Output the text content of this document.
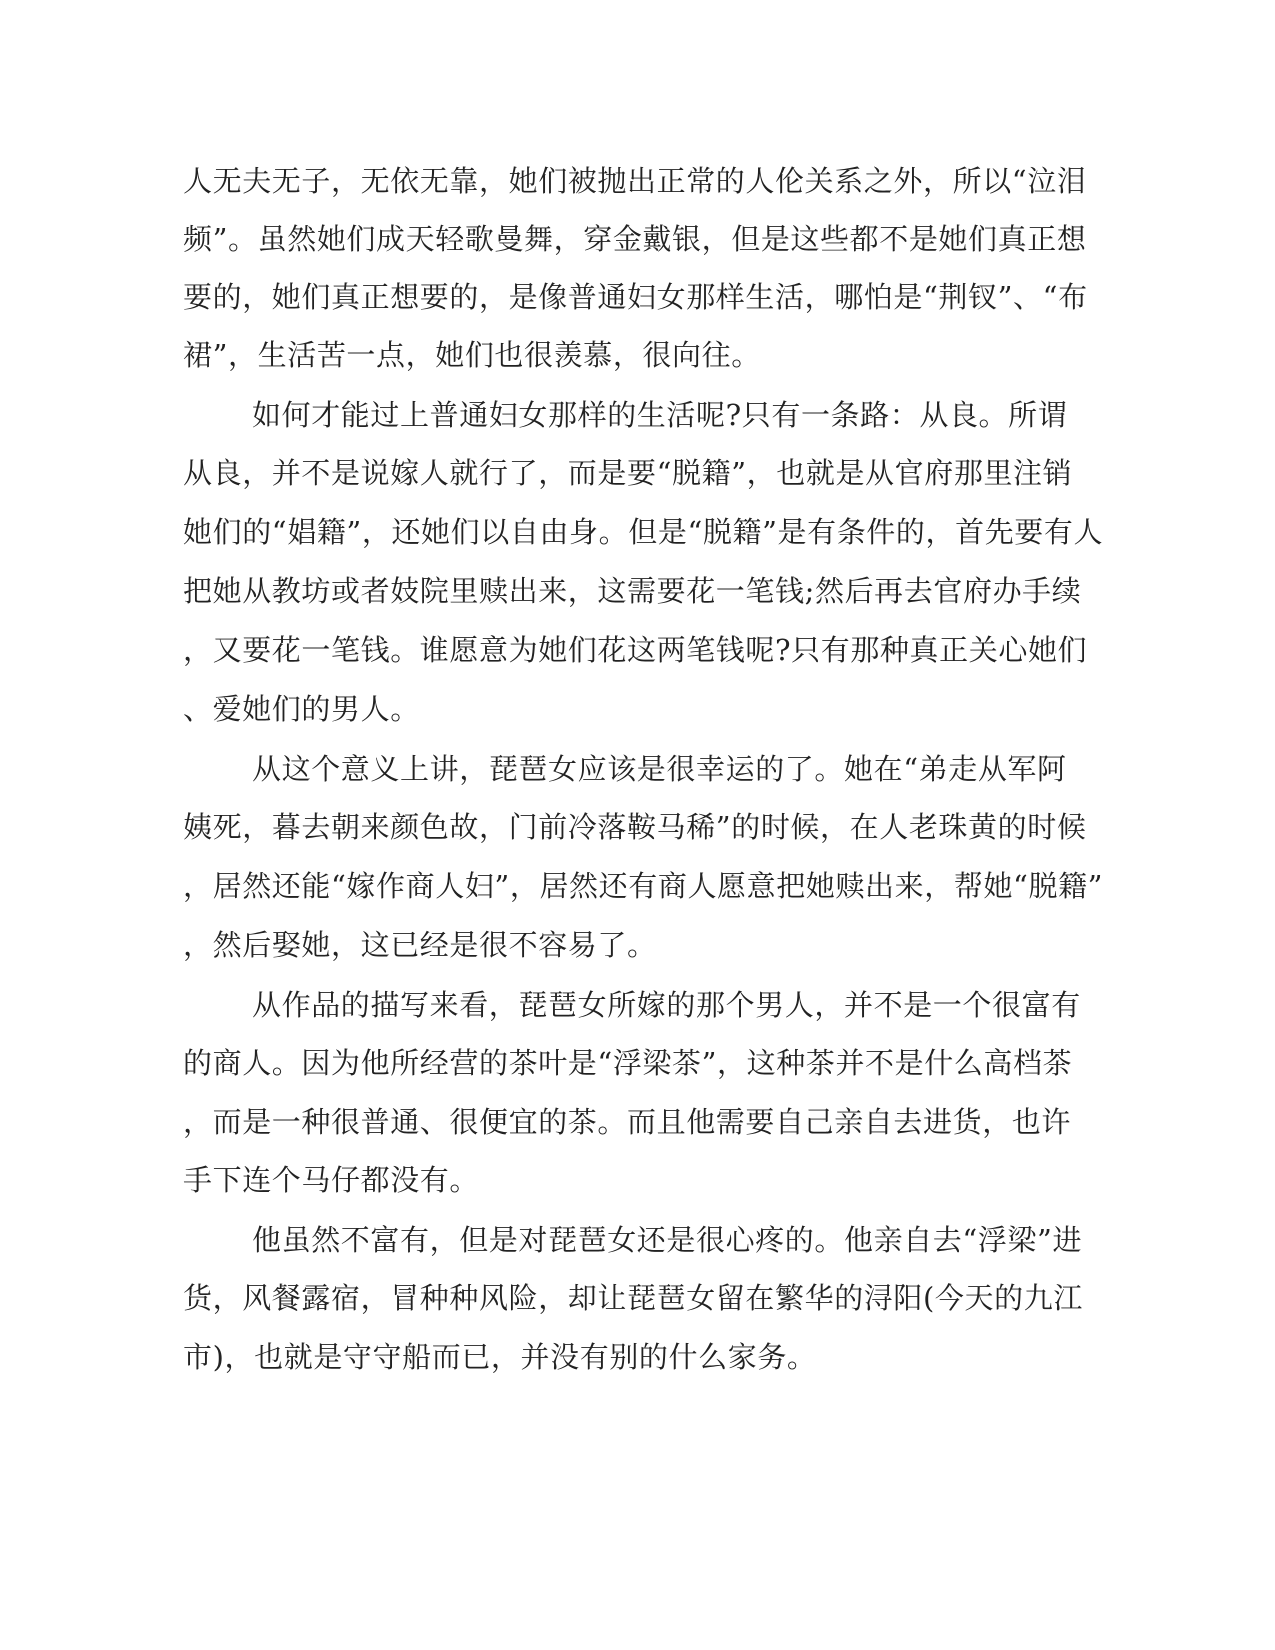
人无夫无子，无依无靠，她们被抛出正常的人伦关系之外，所以“泣泪
频”。虽然她们成天轻歌曼舞，穿金戴银，但是这些都不是她们真正想
要的，她们真正想要的，是像普通妇女那样生活，哪怕是“荆钗”、“布
裙”，生活苦一点，她们也很羡慕，很向往。
如何才能过上普通妇女那样的生活呢?只有一条路：从良。所谓
从良，并不是说嫁人就行了，而是要“脱籍”，也就是从官府那里注销
她们的“娼籍”，还她们以自由身。但是“脱籍”是有条件的，首先要有人
把她从教坊或者妓院里赎出来，这需要花一笔钱;然后再去官府办手续
，又要花一笔钱。谁愿意为她们花这两笔钱呢?只有那种真正关心她们
、爱她们的男人。
从这个意义上讲，琵琶女应该是很幸运的了。她在“弟走从军阿
姨死，暮去朝来颜色故，门前冷落鞍马稀”的时候，在人老珠黄的时候
，居然还能“嫁作商人妇”，居然还有商人愿意把她赎出来，帮她“脱籍”
，然后娶她，这已经是很不容易了。
从作品的描写来看，琵琶女所嫁的那个男人，并不是一个很富有
的商人。因为他所经营的茶叶是“浮梁茶”，这种茶并不是什么高档茶
，而是一种很普通、很便宜的茶。而且他需要自己亲自去进货，也许
手下连个马仔都没有。
他虽然不富有，但是对琵琶女还是很心疼的。他亲自去“浮梁”进
货，风餐露宿，冒种种风险，却让琵琶女留在繁华的浔阳(今天的九江
市)，也就是守守船而已，并没有别的什么家务。
